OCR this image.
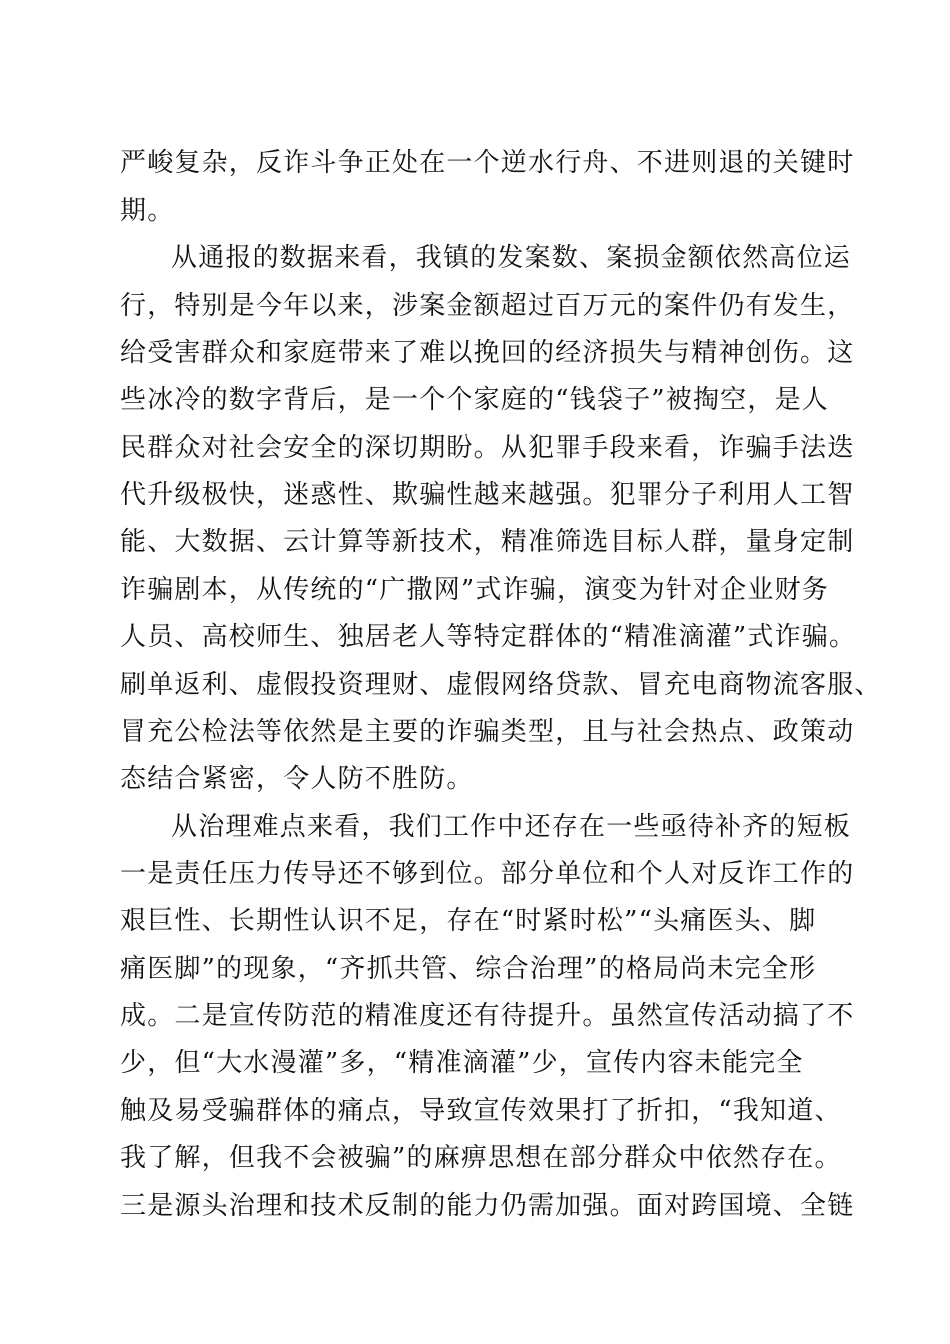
严峻复杂，反诈斗争正处在一个逆水行舟、不进则退的关键时

期。

从通报的数据来看，我镇的发案数、案损金额依然高位运

行，特别是今年以来，涉案金额超过百万元的案件仍有发生，

给受害群众和家庭带来了难以挽回的经济损失与精神创伤。这

些冰冷的数字背后，是一个个家庭的“钱袋子”被掏空，是人

民群众对社会安全的深切期盼。从犯罪手段来看，诈骗手法迭

代升级极快，迷惑性、欺骗性越来越强。犯罪分子利用人工智

能、大数据、云计算等新技术，精准筛选目标人群，量身定制

诈骗剧本，从传统的“广撒网”式诈骗，演变为针对企业财务

人员、高校师生、独居老人等特定群体的“精准滴灌”式诈骗。

刷单返利、虚假投资理财、虚假网络贷款、冒充电商物流客服、

冒充公检法等依然是主要的诈骗类型，且与社会热点、政策动

态结合紧密，令人防不胜防。

从治理难点来看，我们工作中还存在一些亟待补齐的短板

一是责任压力传导还不够到位。部分单位和个人对反诈工作的

艰巨性、长期性认识不足，存在“时紧时松”“头痛医头、脚

痛医脚”的现象，“齐抓共管、综合治理”的格局尚未完全形

成。二是宣传防范的精准度还有待提升。虽然宣传活动搞了不

少，但“大水漫灌”多，“精准滴灌”少，宣传内容未能完全

触及易受骗群体的痛点，导致宣传效果打了折扣，“我知道、

我了解，但我不会被骗”的麻痹思想在部分群众中依然存在。

三是源头治理和技术反制的能力仍需加强。面对跨国境、全链
